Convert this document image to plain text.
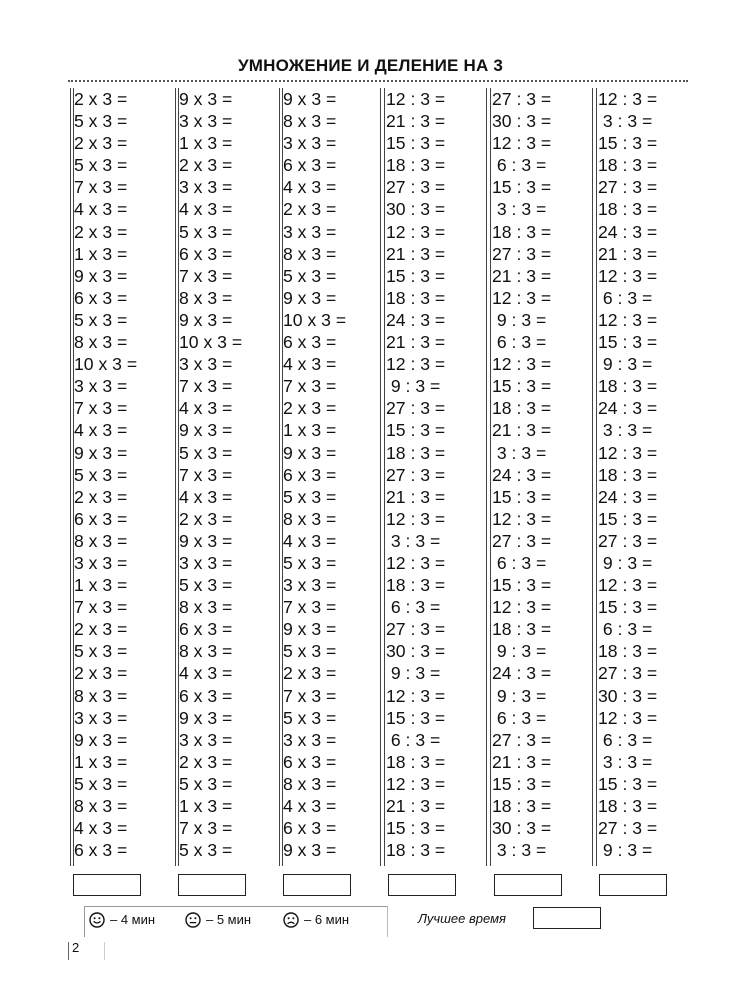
УМНОЖЕНИЕ И ДЕЛЕНИЕ НА 3
2 x 3 =
5 x 3 =
2 x 3 =
5 x 3 =
7 x 3 =
4 x 3 =
2 x 3 =
1 x 3 =
9 x 3 =
6 x 3 =
5 x 3 =
8 x 3 =
10 x 3 =
3 x 3 =
7 x 3 =
4 x 3 =
9 x 3 =
5 x 3 =
2 x 3 =
6 x 3 =
8 x 3 =
3 x 3 =
1 x 3 =
7 x 3 =
2 x 3 =
5 x 3 =
2 x 3 =
8 x 3 =
3 x 3 =
9 x 3 =
1 x 3 =
5 x 3 =
8 x 3 =
4 x 3 =
6 x 3 =
9 x 3 =
3 x 3 =
1 x 3 =
2 x 3 =
3 x 3 =
4 x 3 =
5 x 3 =
6 x 3 =
7 x 3 =
8 x 3 =
9 x 3 =
10 x 3 =
3 x 3 =
7 x 3 =
4 x 3 =
9 x 3 =
5 x 3 =
7 x 3 =
4 x 3 =
2 x 3 =
9 x 3 =
3 x 3 =
5 x 3 =
8 x 3 =
6 x 3 =
8 x 3 =
4 x 3 =
6 x 3 =
9 x 3 =
3 x 3 =
2 x 3 =
5 x 3 =
1 x 3 =
7 x 3 =
5 x 3 =
9 x 3 =
8 x 3 =
3 x 3 =
6 x 3 =
4 x 3 =
2 x 3 =
3 x 3 =
8 x 3 =
5 x 3 =
9 x 3 =
10 x 3 =
6 x 3 =
4 x 3 =
7 x 3 =
2 x 3 =
1 x 3 =
9 x 3 =
6 x 3 =
5 x 3 =
8 x 3 =
4 x 3 =
5 x 3 =
3 x 3 =
7 x 3 =
9 x 3 =
5 x 3 =
2 x 3 =
7 x 3 =
5 x 3 =
3 x 3 =
6 x 3 =
8 x 3 =
4 x 3 =
6 x 3 =
9 x 3 =
12 : 3 =
21 : 3 =
15 : 3 =
18 : 3 =
27 : 3 =
30 : 3 =
12 : 3 =
21 : 3 =
15 : 3 =
18 : 3 =
24 : 3 =
21 : 3 =
12 : 3 =
9 : 3 =
27 : 3 =
15 : 3 =
18 : 3 =
27 : 3 =
21 : 3 =
12 : 3 =
3 : 3 =
12 : 3 =
18 : 3 =
6 : 3 =
27 : 3 =
30 : 3 =
9 : 3 =
12 : 3 =
15 : 3 =
6 : 3 =
18 : 3 =
12 : 3 =
21 : 3 =
15 : 3 =
18 : 3 =
27 : 3 =
30 : 3 =
12 : 3 =
6 : 3 =
15 : 3 =
3 : 3 =
18 : 3 =
27 : 3 =
21 : 3 =
12 : 3 =
9 : 3 =
6 : 3 =
12 : 3 =
15 : 3 =
18 : 3 =
21 : 3 =
3 : 3 =
24 : 3 =
15 : 3 =
12 : 3 =
27 : 3 =
6 : 3 =
15 : 3 =
12 : 3 =
18 : 3 =
9 : 3 =
24 : 3 =
9 : 3 =
6 : 3 =
27 : 3 =
21 : 3 =
15 : 3 =
18 : 3 =
30 : 3 =
3 : 3 =
12 : 3 =
3 : 3 =
15 : 3 =
18 : 3 =
27 : 3 =
18 : 3 =
24 : 3 =
21 : 3 =
12 : 3 =
6 : 3 =
12 : 3 =
15 : 3 =
9 : 3 =
18 : 3 =
24 : 3 =
3 : 3 =
12 : 3 =
18 : 3 =
24 : 3 =
15 : 3 =
27 : 3 =
9 : 3 =
12 : 3 =
15 : 3 =
6 : 3 =
18 : 3 =
27 : 3 =
30 : 3 =
12 : 3 =
6 : 3 =
3 : 3 =
15 : 3 =
18 : 3 =
27 : 3 =
9 : 3 =
– 4 мин	– 5 мин	– 6 мин	Лучшее время
2
